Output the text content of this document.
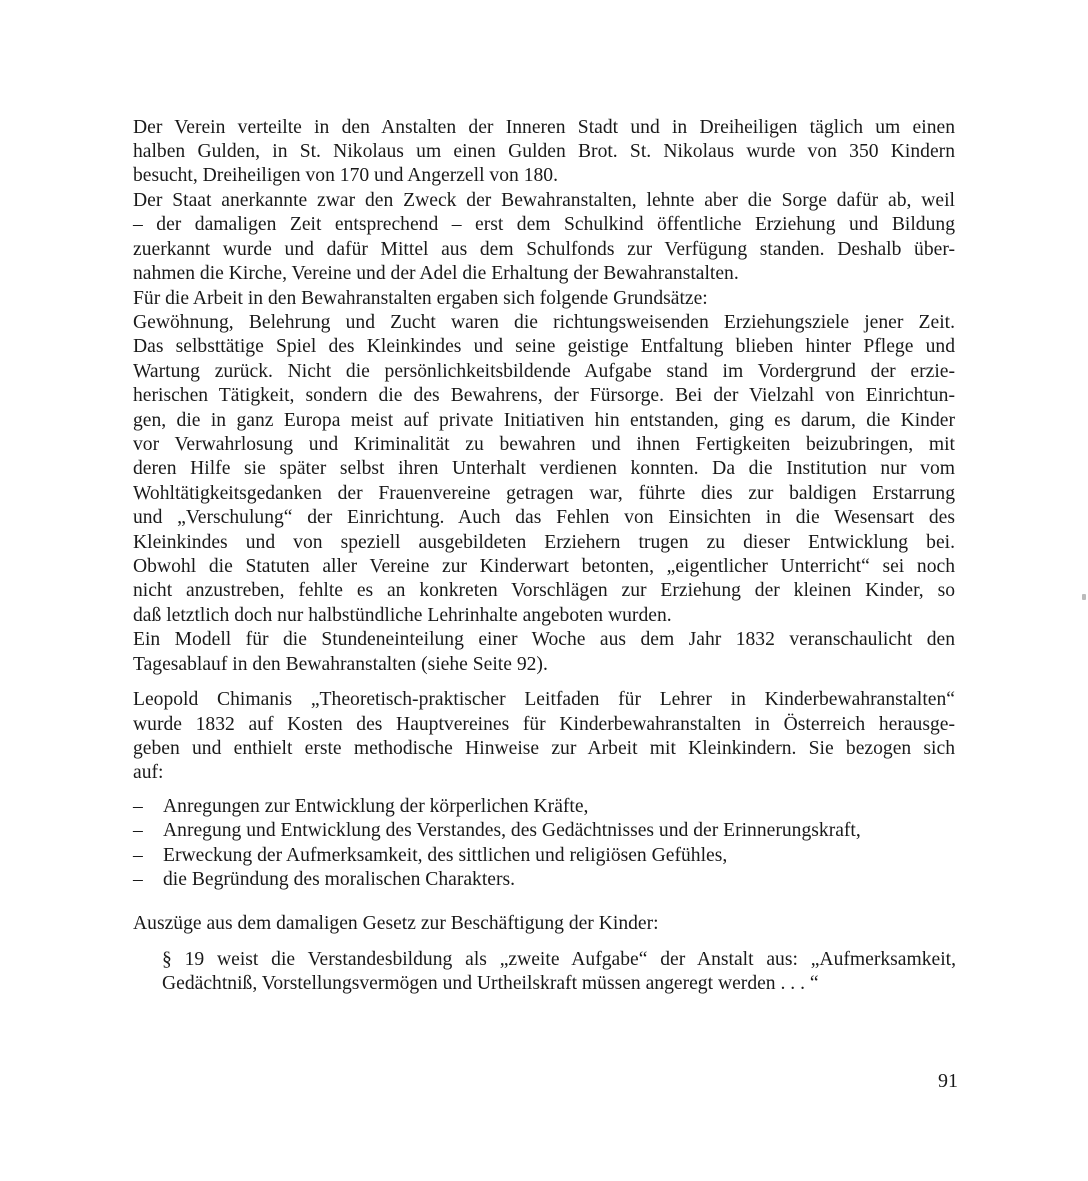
Der Verein verteilte in den Anstalten der Inneren Stadt und in Dreiheiligen täglich um einen
halben Gulden, in St. Nikolaus um einen Gulden Brot. St. Nikolaus wurde von 350 Kindern
besucht, Dreiheiligen von 170 und Angerzell von 180.
Der Staat anerkannte zwar den Zweck der Bewahranstalten, lehnte aber die Sorge dafür ab, weil
– der damaligen Zeit entsprechend – erst dem Schulkind öffentliche Erziehung und Bildung
zuerkannt wurde und dafür Mittel aus dem Schulfonds zur Verfügung standen. Deshalb über-
nahmen die Kirche, Vereine und der Adel die Erhaltung der Bewahranstalten.
Für die Arbeit in den Bewahranstalten ergaben sich folgende Grundsätze:
Gewöhnung, Belehrung und Zucht waren die richtungsweisenden Erziehungsziele jener Zeit.
Das selbsttätige Spiel des Kleinkindes und seine geistige Entfaltung blieben hinter Pflege und
Wartung zurück. Nicht die persönlichkeitsbildende Aufgabe stand im Vordergrund der erzie-
herischen Tätigkeit, sondern die des Bewahrens, der Fürsorge. Bei der Vielzahl von Einrichtun-
gen, die in ganz Europa meist auf private Initiativen hin entstanden, ging es darum, die Kinder
vor Verwahrlosung und Kriminalität zu bewahren und ihnen Fertigkeiten beizubringen, mit
deren Hilfe sie später selbst ihren Unterhalt verdienen konnten. Da die Institution nur vom
Wohltätigkeitsgedanken der Frauenvereine getragen war, führte dies zur baldigen Erstarrung
und „Verschulung“ der Einrichtung. Auch das Fehlen von Einsichten in die Wesensart des
Kleinkindes und von speziell ausgebildeten Erziehern trugen zu dieser Entwicklung bei.
Obwohl die Statuten aller Vereine zur Kinderwart betonten, „eigentlicher Unterricht“ sei noch
nicht anzustreben, fehlte es an konkreten Vorschlägen zur Erziehung der kleinen Kinder, so
daß letztlich doch nur halbstündliche Lehrinhalte angeboten wurden.
Ein Modell für die Stundeneinteilung einer Woche aus dem Jahr 1832 veranschaulicht den
Tagesablauf in den Bewahranstalten (siehe Seite 92).
Leopold Chimanis „Theoretisch-praktischer Leitfaden für Lehrer in Kinderbewahranstalten“
wurde 1832 auf Kosten des Hauptvereines für Kinderbewahranstalten in Österreich herausge-
geben und enthielt erste methodische Hinweise zur Arbeit mit Kleinkindern. Sie bezogen sich
auf:
– Anregungen zur Entwicklung der körperlichen Kräfte,
– Anregung und Entwicklung des Verstandes, des Gedächtnisses und der Erinnerungskraft,
– Erweckung der Aufmerksamkeit, des sittlichen und religiösen Gefühles,
– die Begründung des moralischen Charakters.
Auszüge aus dem damaligen Gesetz zur Beschäftigung der Kinder:
§ 19 weist die Verstandesbildung als „zweite Aufgabe“ der Anstalt aus: „Aufmerksamkeit,
Gedächtniß, Vorstellungsvermögen und Urtheilskraft müssen angeregt werden . . . “
91
